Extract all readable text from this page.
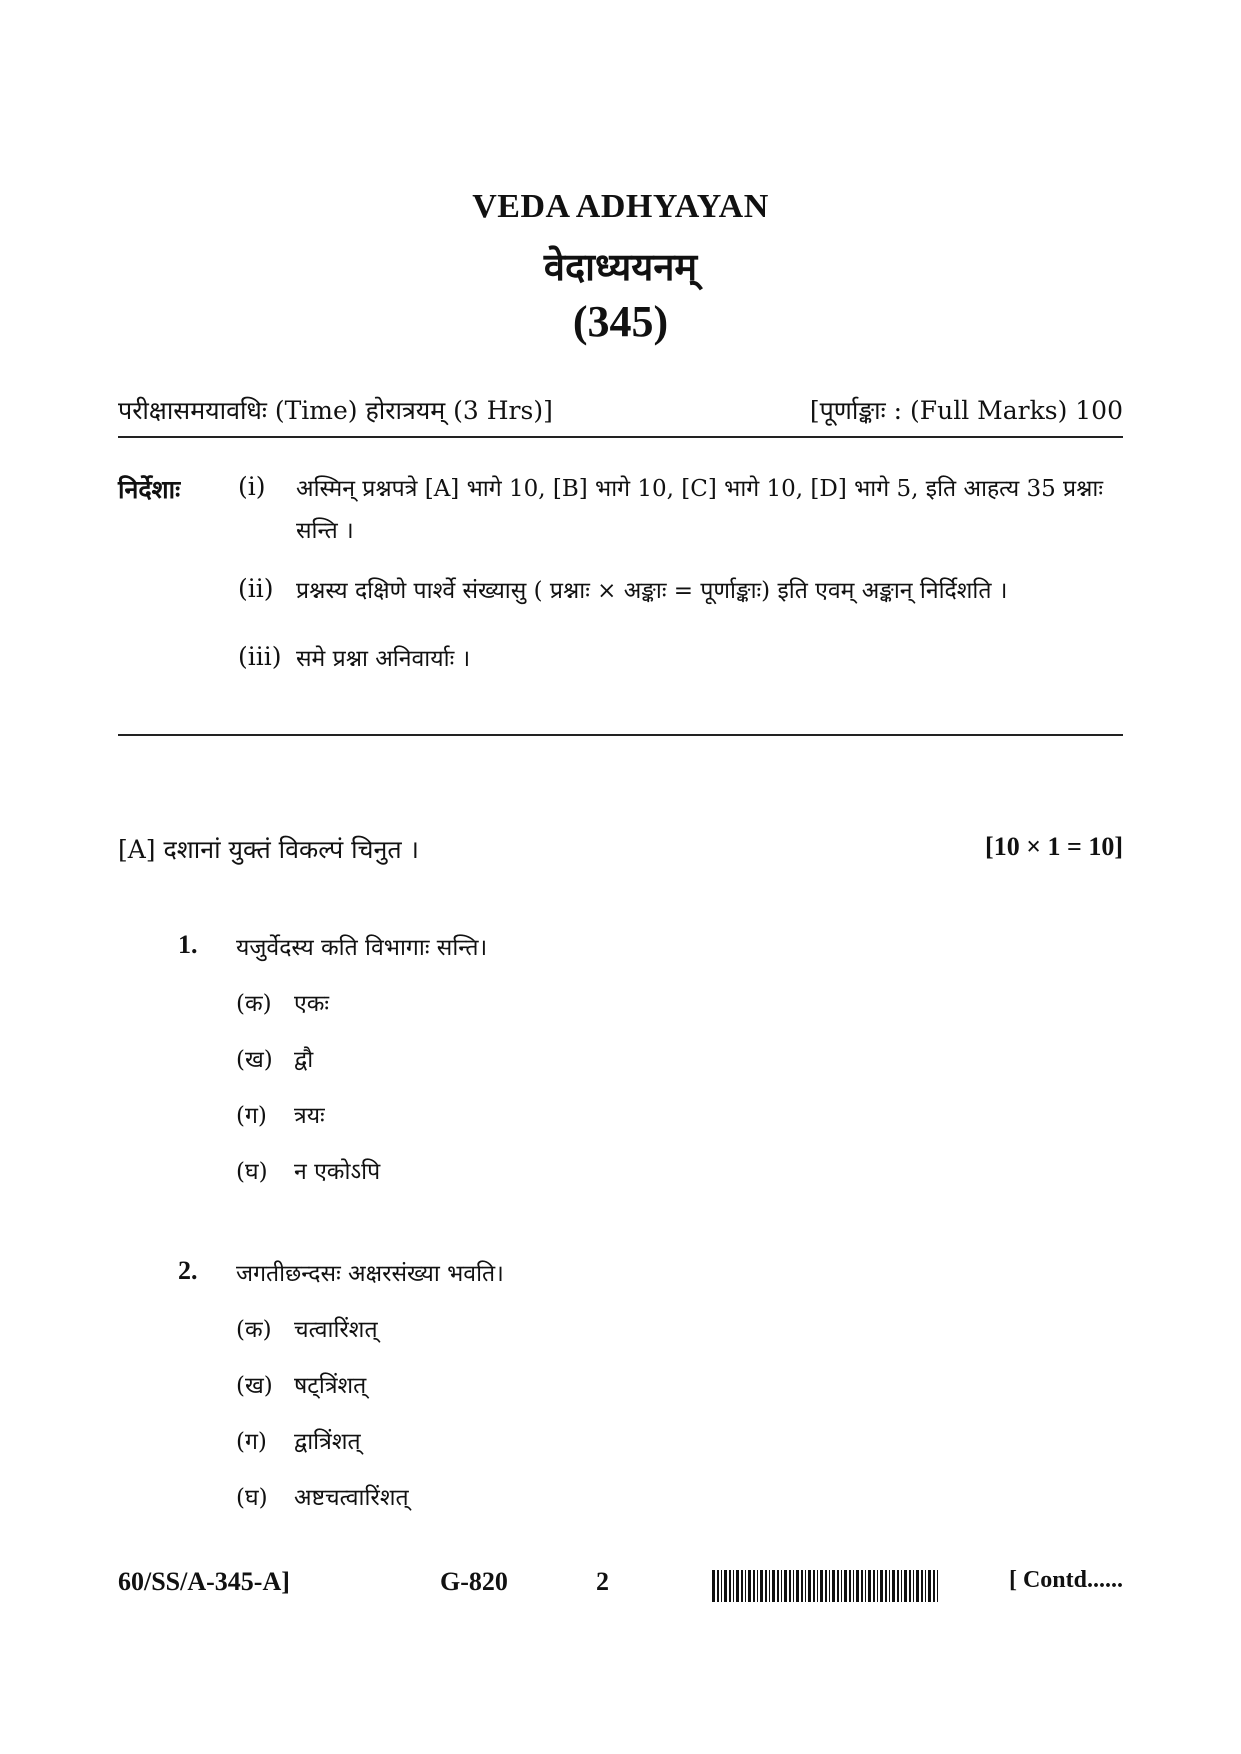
VEDA ADHYAYAN
वेदाध्ययनम्
(345)
परीक्षासमयावधिः (Time) होरात्रयम् (3 Hrs)]	[पूर्णाङ्काः : (Full Marks) 100
निर्देशाः (i) अस्मिन् प्रश्नपत्रे [A] भागे 10, [B] भागे 10, [C] भागे 10, [D] भागे 5, इति आहत्य 35 प्रश्नाः सन्ति ।
(ii) प्रश्नस्य दक्षिणे पार्श्वे संख्यासु ( प्रश्नाः × अङ्काः = पूर्णाङ्काः) इति एवम् अङ्कान् निर्दिशति ।
(iii) समे प्रश्ना अनिवार्याः ।
[A] दशानां युक्तं विकल्पं चिनुत ।	[10 × 1 = 10]
1. यजुर्वेदस्य कति विभागाः सन्ति।
(क) एकः
(ख) द्वौ
(ग) त्रयः
(घ) न एकोऽपि
2. जगतीछन्दसः अक्षरसंख्या भवति।
(क) चत्वारिंशत्
(ख) षट्त्रिंशत्
(ग) द्वात्रिंशत्
(घ) अष्टचत्वारिंशत्
60/SS/A-345-A]	G-820	2	[ Contd......
